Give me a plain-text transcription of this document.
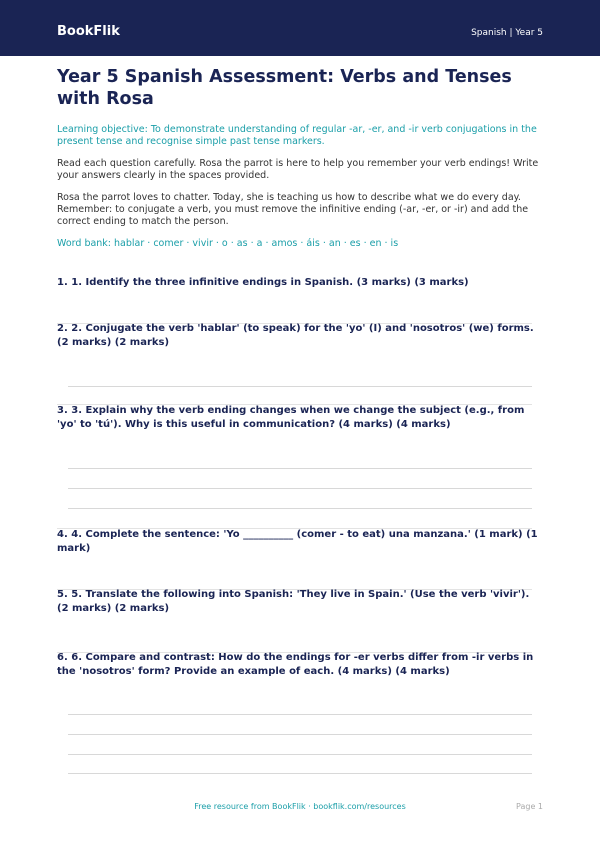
BookFlik	Spanish | Year 5
Year 5 Spanish Assessment: Verbs and Tenses with Rosa
Learning objective: To demonstrate understanding of regular -ar, -er, and -ir verb conjugations in the present tense and recognise simple past tense markers.
Read each question carefully. Rosa the parrot is here to help you remember your verb endings! Write your answers clearly in the spaces provided.
Rosa the parrot loves to chatter. Today, she is teaching us how to describe what we do every day. Remember: to conjugate a verb, you must remove the infinitive ending (-ar, -er, or -ir) and add the correct ending to match the person.
Word bank: hablar · comer · vivir · o · as · a · amos · áis · an · es · en · is
1. 1. Identify the three infinitive endings in Spanish. (3 marks) (3 marks)
2. 2. Conjugate the verb 'hablar' (to speak) for the 'yo' (I) and 'nosotros' (we) forms. (2 marks) (2 marks)
3. 3. Explain why the verb ending changes when we change the subject (e.g., from 'yo' to 'tú'). Why is this useful in communication? (4 marks) (4 marks)
4. 4. Complete the sentence: 'Yo __________ (comer - to eat) una manzana.' (1 mark) (1 mark)
5. 5. Translate the following into Spanish: 'They live in Spain.' (Use the verb 'vivir'). (2 marks) (2 marks)
6. 6. Compare and contrast: How do the endings for -er verbs differ from -ir verbs in the 'nosotros' form? Provide an example of each. (4 marks) (4 marks)
Free resource from BookFlik · bookflik.com/resources	Page 1
